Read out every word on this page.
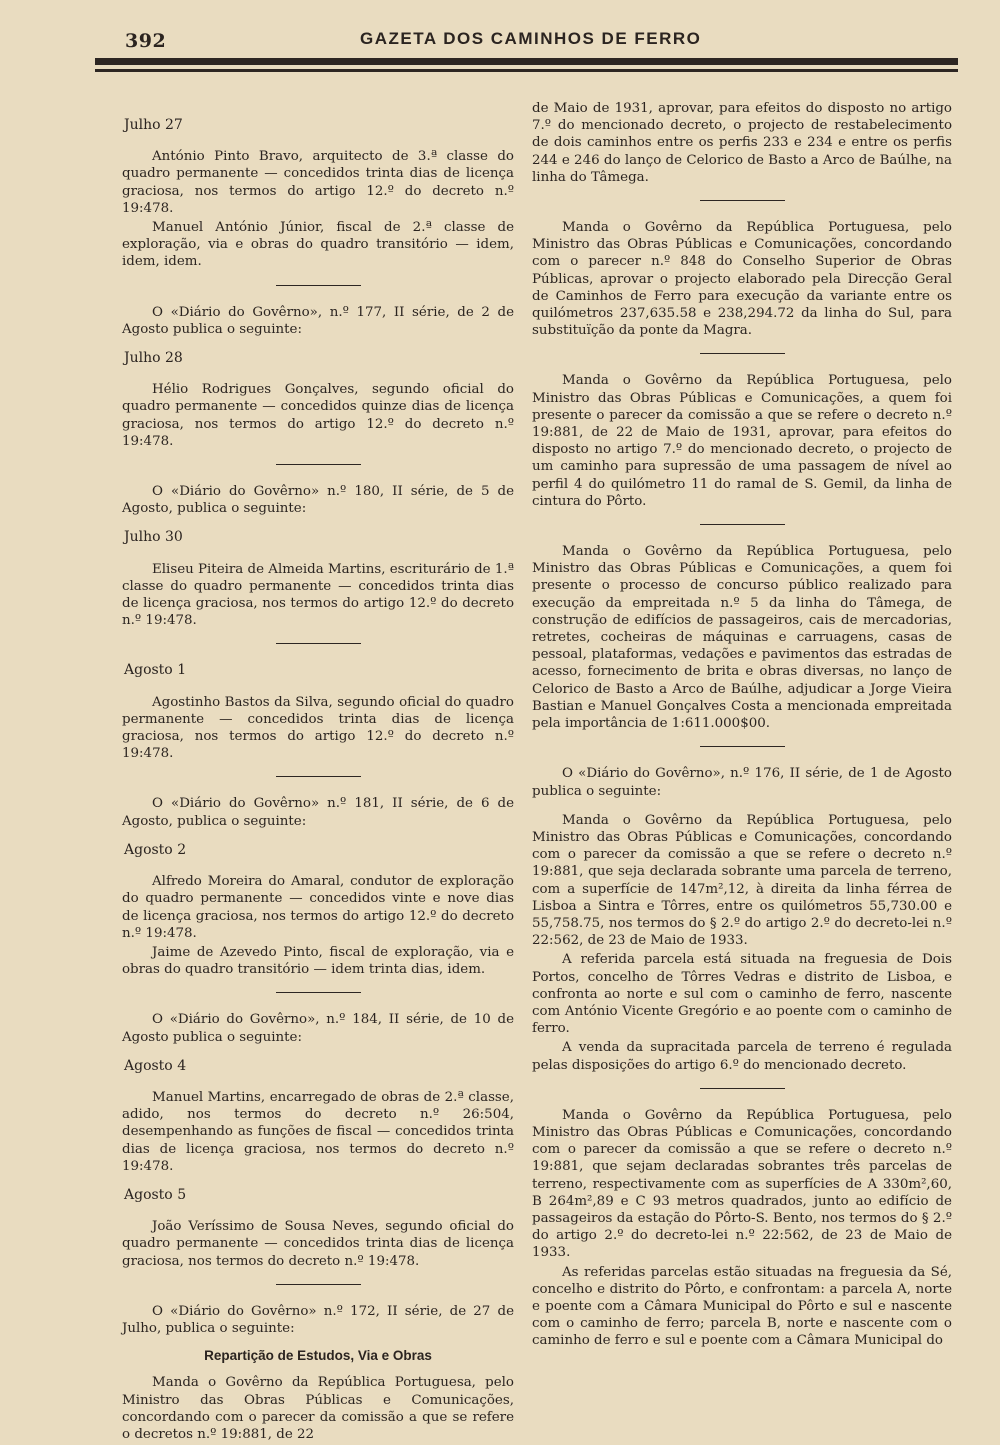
392	GAZETA DOS CAMINHOS DE FERRO
Julho 27

António Pinto Bravo, arquitecto de 3.ª classe do quadro permanente — concedidos trinta dias de licença graciosa, nos termos do artigo 12.º do decreto n.º 19:478.

Manuel António Júnior, fiscal de 2.ª classe de exploração, via e obras do quadro transitório — idem, idem, idem.

O «Diário do Govêrno», n.º 177, II série, de 2 de Agosto publica o seguinte:

Julho 28

Hélio Rodrigues Gonçalves, segundo oficial do quadro permanente — concedidos quinze dias de licença graciosa, nos termos do artigo 12.º do decreto n.º 19:478.

O «Diário do Govêrno» n.º 180, II série, de 5 de Agosto, publica o seguinte:

Julho 30

Eliseu Piteira de Almeida Martins, escriturário de 1.ª classe do quadro permanente — concedidos trinta dias de licença graciosa, nos termos do artigo 12.º do decreto n.º 19:478.

Agosto 1

Agostinho Bastos da Silva, segundo oficial do quadro permanente — concedidos trinta dias de licença graciosa, nos termos do artigo 12.º do decreto n.º 19:478.

O «Diário do Govêrno» n.º 181, II série, de 6 de Agosto, publica o seguinte:

Agosto 2

Alfredo Moreira do Amaral, condutor de exploração do quadro permanente — concedidos vinte e nove dias de licença graciosa, nos termos do artigo 12.º do decreto n.º 19:478.

Jaime de Azevedo Pinto, fiscal de exploração, via e obras do quadro transitório — idem trinta dias, idem.

O «Diário do Govêrno», n.º 184, II série, de 10 de Agosto publica o seguinte:

Agosto 4

Manuel Martins, encarregado de obras de 2.ª classe, adido, nos termos do decreto n.º 26:504, desempenhando as funções de fiscal — concedidos trinta dias de licença graciosa, nos termos do decreto n.º 19:478.

Agosto 5

João Veríssimo de Sousa Neves, segundo oficial do quadro permanente — concedidos trinta dias de licença graciosa, nos termos do decreto n.º 19:478.

O «Diário do Govêrno» n.º 172, II série, de 27 de Julho, publica o seguinte:

Repartição de Estudos, Via e Obras

Manda o Govêrno da República Portuguesa, pelo Ministro das Obras Públicas e Comunicações, concordando com o parecer da comissão a que se refere o decretos n.º 19:881, de 22

de Maio de 1931, aprovar, para efeitos do disposto no artigo 7.º do mencionado decreto, o projecto de restabelecimento de dois caminhos entre os perfis 233 e 234 e entre os perfis 244 e 246 do lanço de Celorico de Basto a Arco de Baúlhe, na linha do Tâmega.

Manda o Govêrno da República Portuguesa, pelo Ministro das Obras Públicas e Comunicações, concordando com o parecer n.º 848 do Conselho Superior de Obras Públicas, aprovar o projecto elaborado pela Direcção Geral de Caminhos de Ferro para execução da variante entre os quilómetros 237,635.58 e 238,294.72 da linha do Sul, para substituïção da ponte da Magra.

Manda o Govêrno da República Portuguesa, pelo Ministro das Obras Públicas e Comunicações, a quem foi presente o parecer da comissão a que se refere o decreto n.º 19:881, de 22 de Maio de 1931, aprovar, para efeitos do disposto no artigo 7.º do mencionado decreto, o projecto de um caminho para supressão de uma passagem de nível ao perfil 4 do quilómetro 11 do ramal de S. Gemil, da linha de cintura do Pôrto.

Manda o Govêrno da República Portuguesa, pelo Ministro das Obras Públicas e Comunicações, a quem foi presente o processo de concurso público realizado para execução da empreitada n.º 5 da linha do Tâmega, de construção de edifícios de passageiros, cais de mercadorias, retretes, cocheiras de máquinas e carruagens, casas de pessoal, plataformas, vedações e pavimentos das estradas de acesso, fornecimento de brita e obras diversas, no lanço de Celorico de Basto a Arco de Baúlhe, adjudicar a Jorge Vieira Bastian e Manuel Gonçalves Costa a mencionada empreitada pela importância de 1:611.000$00.

O «Diário do Govêrno», n.º 176, II série, de 1 de Agosto publica o seguinte:

Manda o Govêrno da República Portuguesa, pelo Ministro das Obras Públicas e Comunicações, concordando com o parecer da comissão a que se refere o decreto n.º 19:881, que seja declarada sobrante uma parcela de terreno, com a superfície de 147m²,12, à direita da linha férrea de Lisboa a Sintra e Tôrres, entre os quilómetros 55,730.00 e 55,758.75, nos termos do § 2.º do artigo 2.º do decreto-lei n.º 22:562, de 23 de Maio de 1933.

A referida parcela está situada na freguesia de Dois Portos, concelho de Tôrres Vedras e distrito de Lisboa, e confronta ao norte e sul com o caminho de ferro, nascente com António Vicente Gregório e ao poente com o caminho de ferro.

A venda da supracitada parcela de terreno é regulada pelas disposições do artigo 6.º do mencionado decreto.

Manda o Govêrno da República Portuguesa, pelo Ministro das Obras Públicas e Comunicações, concordando com o parecer da comissão a que se refere o decreto n.º 19:881, que sejam declaradas sobrantes três parcelas de terreno, respectivamente com as superfícies de A 330m²,60, B 264m²,89 e C 93 metros quadrados, junto ao edifício de passageiros da estação do Pôrto-S. Bento, nos termos do § 2.º do artigo 2.º do decreto-lei n.º 22:562, de 23 de Maio de 1933.

As referidas parcelas estão situadas na freguesia da Sé, concelho e distrito do Pôrto, e confrontam: a parcela A, norte e poente com a Câmara Municipal do Pôrto e sul e nascente com o caminho de ferro; parcela B, norte e nascente com o caminho de ferro e sul e poente com a Câmara Municipal do
